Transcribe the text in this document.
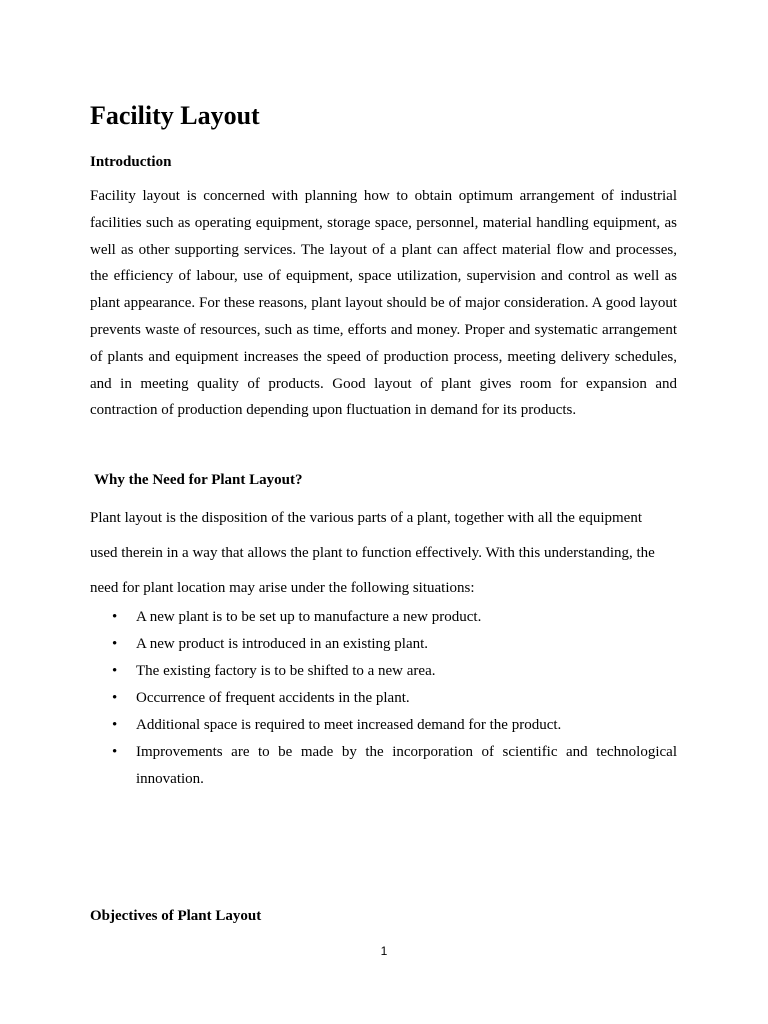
Facility Layout
Introduction

Facility layout is concerned with planning how to obtain optimum arrangement of industrial facilities such as operating equipment, storage space, personnel, material handling equipment, as well as other supporting services. The layout of a plant can affect material flow and processes, the efficiency of labour, use of equipment, space utilization, supervision and control as well as plant appearance. For these reasons, plant layout should be of major consideration. A good layout prevents waste of resources, such as time, efforts and money. Proper and systematic arrangement of plants and equipment increases the speed of production process, meeting delivery schedules, and in meeting quality of products. Good layout of plant gives room for expansion and contraction of production depending upon fluctuation in demand for its products.

Why the Need for Plant Layout?
Plant layout is the disposition of the various parts of a plant, together with all the equipment
used therein in a way that allows the plant to function effectively. With this understanding, the
need for plant location may arise under the following situations:
• A new plant is to be set up to manufacture a new product.
• A new product is introduced in an existing plant.
• The existing factory is to be shifted to a new area.
• Occurrence of frequent accidents in the plant.
• Additional space is required to meet increased demand for the product.
• Improvements are to be made by the incorporation of scientific and technological innovation.
Objectives of Plant Layout
1
